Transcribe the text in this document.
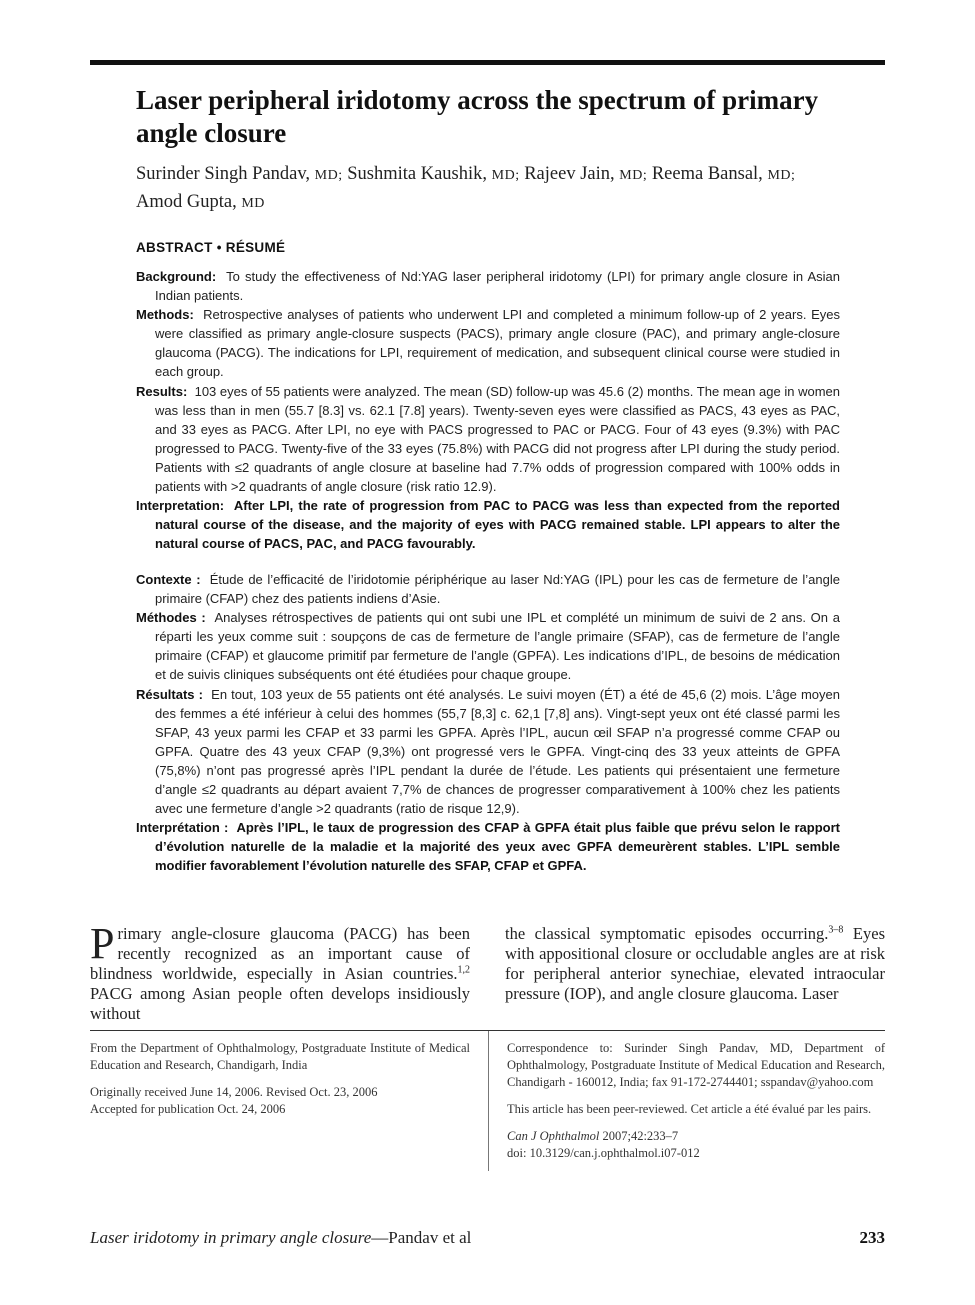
Laser peripheral iridotomy across the spectrum of primary angle closure
Surinder Singh Pandav, MD; Sushmita Kaushik, MD; Rajeev Jain, MD; Reema Bansal, MD;
Amod Gupta, MD
ABSTRACT • RÉSUMÉ

Background: To study the effectiveness of Nd:YAG laser peripheral iridotomy (LPI) for primary angle closure in Asian Indian patients.

Methods: Retrospective analyses of patients who underwent LPI and completed a minimum follow-up of 2 years. Eyes were classified as primary angle-closure suspects (PACS), primary angle closure (PAC), and primary angle-closure glaucoma (PACG). The indications for LPI, requirement of medication, and subsequent clinical course were studied in each group.

Results: 103 eyes of 55 patients were analyzed. The mean (SD) follow-up was 45.6 (2) months. The mean age in women was less than in men (55.7 [8.3] vs. 62.1 [7.8] years). Twenty-seven eyes were classified as PACS, 43 eyes as PAC, and 33 eyes as PACG. After LPI, no eye with PACS progressed to PAC or PACG. Four of 43 eyes (9.3%) with PAC progressed to PACG. Twenty-five of the 33 eyes (75.8%) with PACG did not progress after LPI during the study period. Patients with ≤2 quadrants of angle closure at baseline had 7.7% odds of progression compared with 100% odds in patients with >2 quadrants of angle closure (risk ratio 12.9).

Interpretation: After LPI, the rate of progression from PAC to PACG was less than expected from the reported natural course of the disease, and the majority of eyes with PACG remained stable. LPI appears to alter the natural course of PACS, PAC, and PACG favourably.

Contexte : Étude de l’efficacité de l’iridotomie périphérique au laser Nd:YAG (IPL) pour les cas de fermeture de l’angle primaire (CFAP) chez des patients indiens d’Asie.

Méthodes : Analyses rétrospectives de patients qui ont subi une IPL et complété un minimum de suivi de 2 ans. On a réparti les yeux comme suit : soupçons de cas de fermeture de l’angle primaire (SFAP), cas de fermeture de l’angle primaire (CFAP) et glaucome primitif par fermeture de l’angle (GPFA). Les indications d’IPL, de besoins de médication et de suivis cliniques subséquents ont été étudiées pour chaque groupe.

Résultats : En tout, 103 yeux de 55 patients ont été analysés. Le suivi moyen (ÉT) a été de 45,6 (2) mois. L’âge moyen des femmes a été inférieur à celui des hommes (55,7 [8,3] c. 62,1 [7,8] ans). Vingt-sept yeux ont été classé parmi les SFAP, 43 yeux parmi les CFAP et 33 parmi les GPFA. Après l’IPL, aucun œil SFAP n’a progressé comme CFAP ou GPFA. Quatre des 43 yeux CFAP (9,3%) ont progressé vers le GPFA. Vingt-cinq des 33 yeux atteints de GPFA (75,8%) n’ont pas progressé après l’IPL pendant la durée de l’étude. Les patients qui présentaient une fermeture d’angle ≤2 quadrants au départ avaient 7,7% de chances de progresser comparativement à 100% chez les patients avec une fermeture d’angle >2 quadrants (ratio de risque 12,9).

Interprétation : Après l’IPL, le taux de progression des CFAP à GPFA était plus faible que prévu selon le rapport d’évolution naturelle de la maladie et la majorité des yeux avec GPFA demeurèrent stables. L’IPL semble modifier favorablement l’évolution naturelle des SFAP, CFAP et GPFA.

Primary angle-closure glaucoma (PACG) has been recently recognized as an important cause of blindness worldwide, especially in Asian countries.$^{1,2}$ PACG among Asian people often develops insidiously without
the classical symptomatic episodes occurring.$^{3-8}$ Eyes with appositional closure or occludable angles are at risk for peripheral anterior synechiae, elevated intraocular pressure (IOP), and angle closure glaucoma. Laser

From the Department of Ophthalmology, Postgraduate Institute of Medical Education and Research, Chandigarh, India

Originally received June 14, 2006. Revised Oct. 23, 2006
Accepted for publication Oct. 24, 2006

Correspondence to: Surinder Singh Pandav, MD, Department of Ophthalmology, Postgraduate Institute of Medical Education and Research, Chandigarh - 160012, India; fax 91-172-2744401; sspandav@yahoo.com

This article has been peer-reviewed. Cet article a été évalué par les pairs.

Can J Ophthalmol 2007;42:233–7
doi: 10.3129/can.j.ophthalmol.i07-012

Laser iridotomy in primary angle closure—Pandav et al	233
